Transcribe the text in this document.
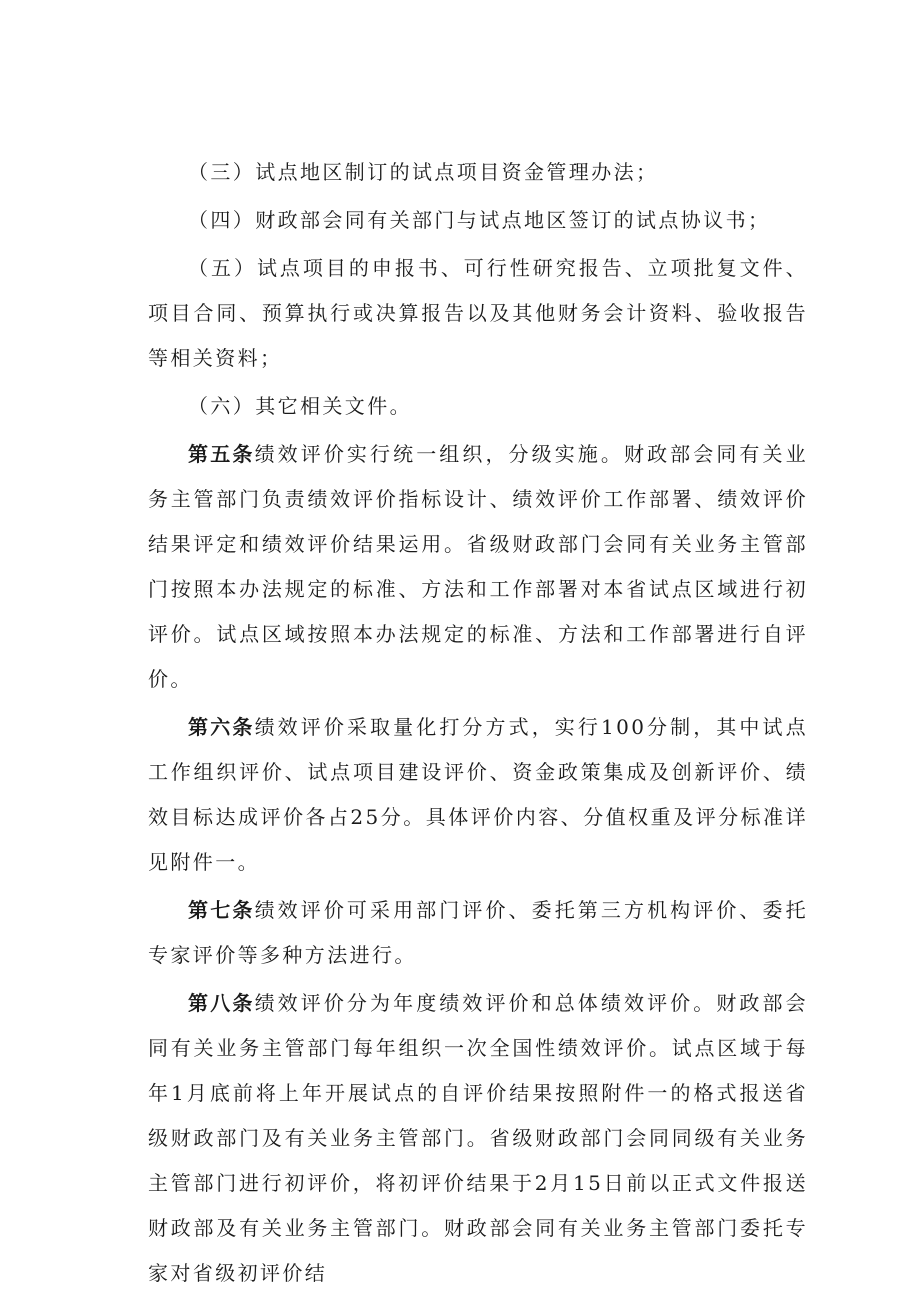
（三）试点地区制订的试点项目资金管理办法；

（四）财政部会同有关部门与试点地区签订的试点协议书；

（五）试点项目的申报书、可行性研究报告、立项批复文件、项目合同、预算执行或决算报告以及其他财务会计资料、验收报告等相关资料；

（六）其它相关文件。

第五条绩效评价实行统一组织，分级实施。财政部会同有关业务主管部门负责绩效评价指标设计、绩效评价工作部署、绩效评价结果评定和绩效评价结果运用。省级财政部门会同有关业务主管部门按照本办法规定的标准、方法和工作部署对本省试点区域进行初评价。试点区域按照本办法规定的标准、方法和工作部署进行自评价。

第六条绩效评价采取量化打分方式，实行100分制，其中试点工作组织评价、试点项目建设评价、资金政策集成及创新评价、绩效目标达成评价各占25分。具体评价内容、分值权重及评分标准详见附件一。

第七条绩效评价可采用部门评价、委托第三方机构评价、委托专家评价等多种方法进行。

第八条绩效评价分为年度绩效评价和总体绩效评价。财政部会同有关业务主管部门每年组织一次全国性绩效评价。试点区域于每年1月底前将上年开展试点的自评价结果按照附件一的格式报送省级财政部门及有关业务主管部门。省级财政部门会同同级有关业务主管部门进行初评价，将初评价结果于2月15日前以正式文件报送财政部及有关业务主管部门。财政部会同有关业务主管部门委托专家对省级初评价结
